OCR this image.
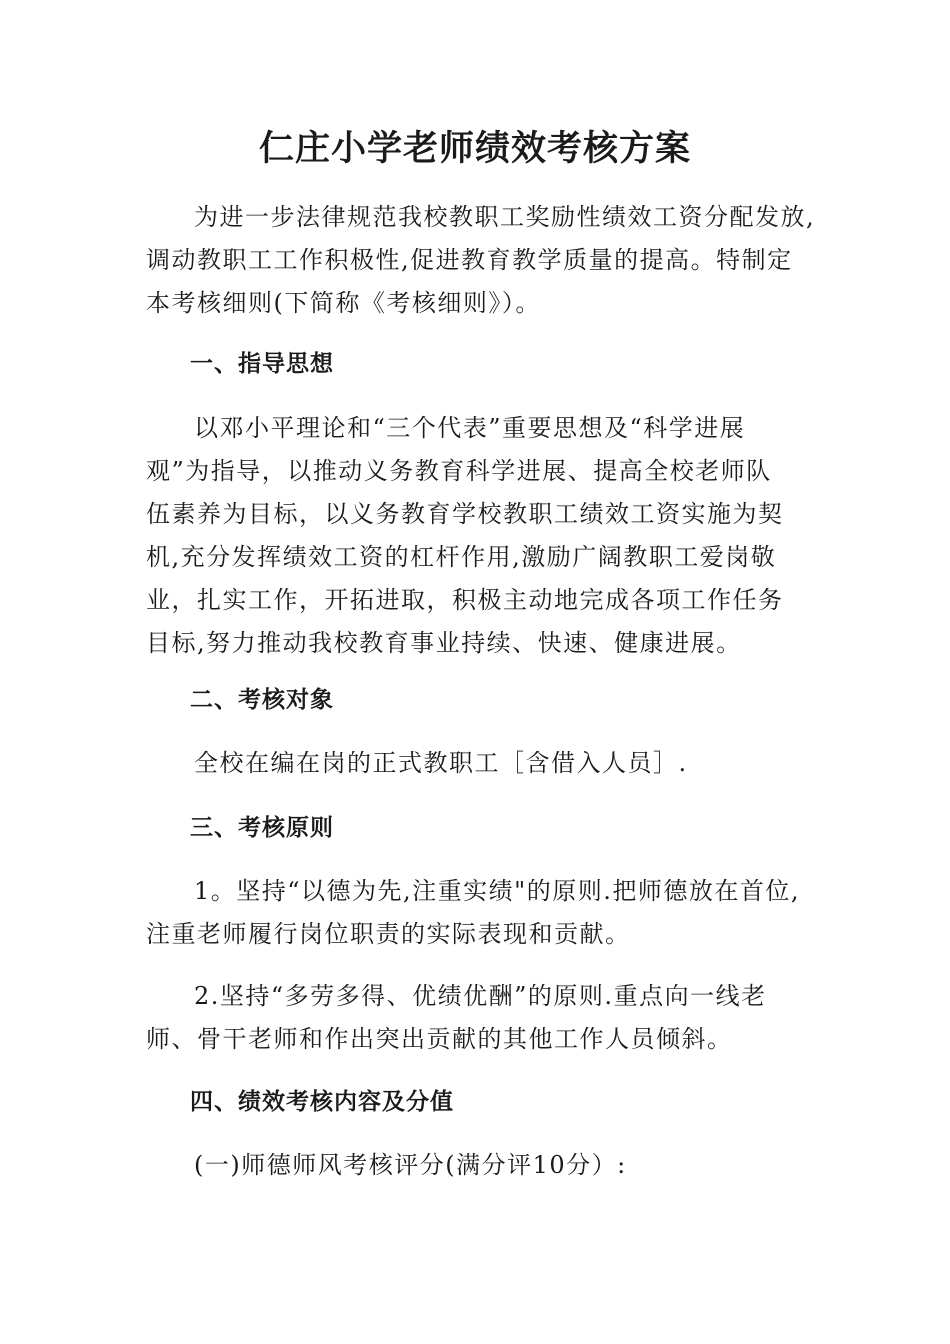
仁庄小学老师绩效考核方案

为进一步法律规范我校教职工奖励性绩效工资分配发放,
调动教职工工作积极性,促进教育教学质量的提高。特制定
本考核细则(下简称《考核细则》）。

一、指导思想

以邓小平理论和“三个代表”重要思想及“科学进展
观”为指导，以推动义务教育科学进展、提高全校老师队
伍素养为目标，以义务教育学校教职工绩效工资实施为契
机,充分发挥绩效工资的杠杆作用,激励广阔教职工爱岗敬
业，扎实工作，开拓进取，积极主动地完成各项工作任务
目标,努力推动我校教育事业持续、快速、健康进展。

二、考核对象

全校在编在岗的正式教职工［含借入人员］.

三、考核原则

1。坚持“以德为先,注重实绩"的原则.把师德放在首位,
注重老师履行岗位职责的实际表现和贡献。

2.坚持“多劳多得、优绩优酬”的原则.重点向一线老
师、骨干老师和作出突出贡献的其他工作人员倾斜。

四、绩效考核内容及分值

(一)师德师风考核评分(满分评10分）:
